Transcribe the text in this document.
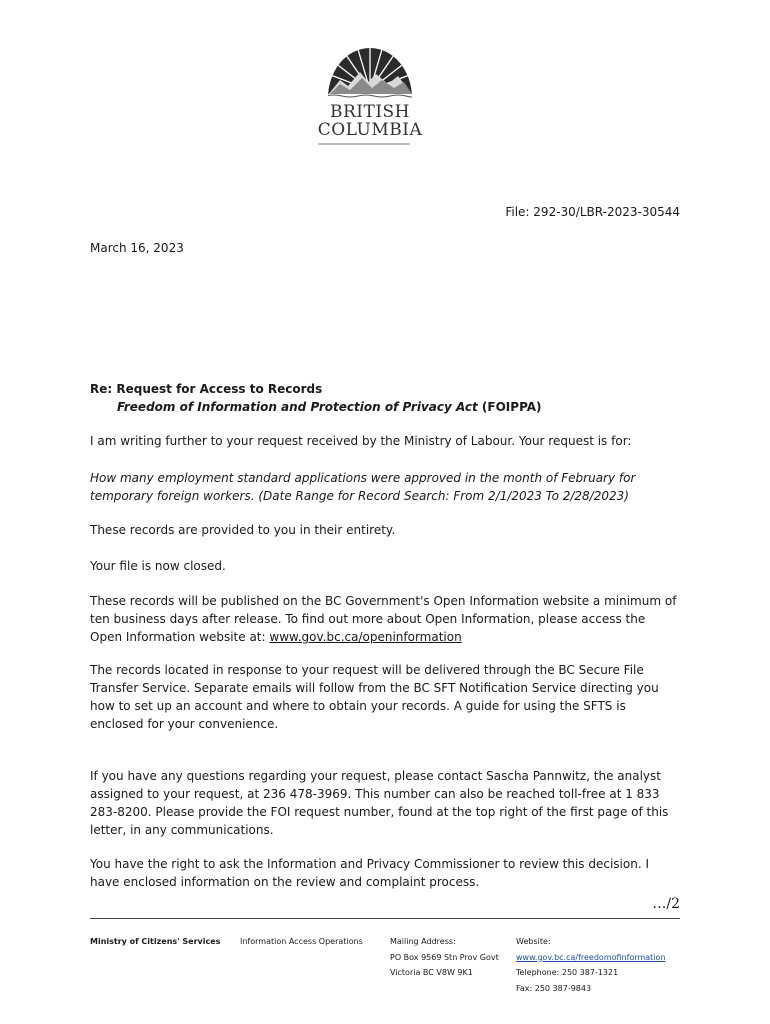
BRITISH
COLUMBIA
File: 292-30/LBR-2023-30544
March 16, 2023
Re: Request for Access to Records
Freedom of Information and Protection of Privacy Act (FOIPPA)
I am writing further to your request received by the Ministry of Labour. Your request is for:
How many employment standard applications were approved in the month of February for temporary foreign workers. (Date Range for Record Search: From 2/1/2023 To 2/28/2023)
These records are provided to you in their entirety.
Your file is now closed.
These records will be published on the BC Government's Open Information website a minimum of ten business days after release. To find out more about Open Information, please access the Open Information website at: www.gov.bc.ca/openinformation
The records located in response to your request will be delivered through the BC Secure File Transfer Service. Separate emails will follow from the BC SFT Notification Service directing you how to set up an account and where to obtain your records. A guide for using the SFTS is enclosed for your convenience.
If you have any questions regarding your request, please contact Sascha Pannwitz, the analyst assigned to your request, at 236 478-3969. This number can also be reached toll-free at 1 833 283-8200. Please provide the FOI request number, found at the top right of the first page of this letter, in any communications.
You have the right to ask the Information and Privacy Commissioner to review this decision. I have enclosed information on the review and complaint process.
…/2
Ministry of Citizens' Services Information Access Operations	Mailing Address:
PO Box 9569 Stn Prov Govt
Victoria BC V8W 9K1
Website:
www.gov.bc.ca/freedomofinformation
Telephone: 250 387-1321
Fax: 250 387-9843
